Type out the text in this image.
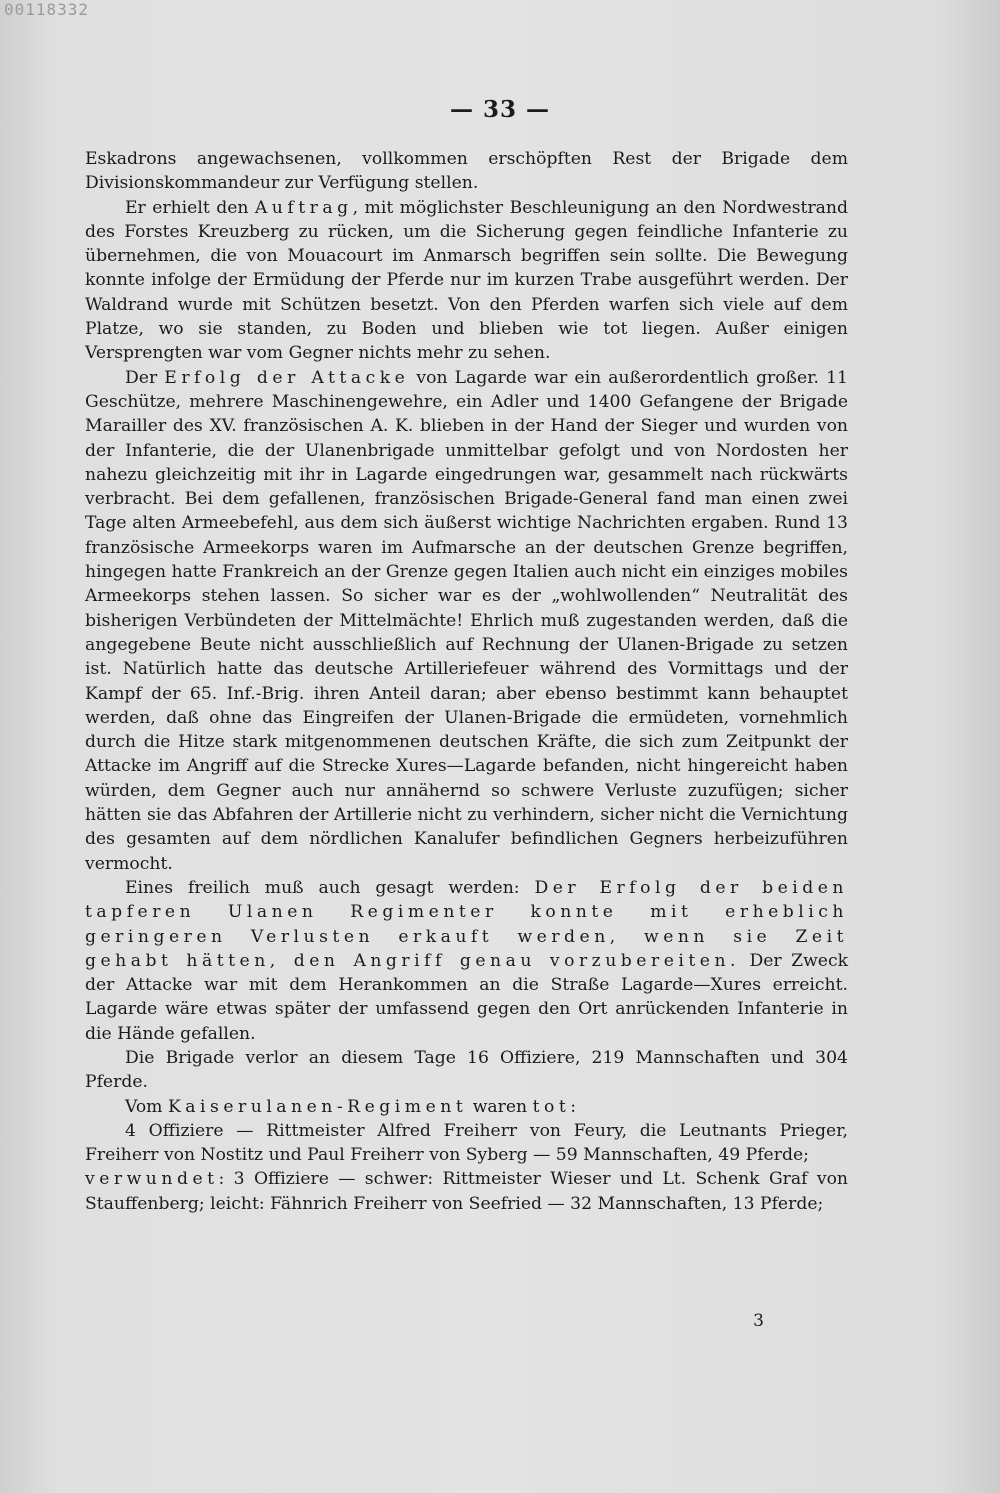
00118332
— 33 —

Eskadrons angewachsenen, vollkommen erschöpften Rest der Brigade dem Divisionskommandeur zur Verfügung stellen.

Er erhielt den Auftrag, mit möglichster Beschleunigung an den Nordwestrand des Forstes Kreuzberg zu rücken, um die Sicherung gegen feindliche Infanterie zu übernehmen, die von Mouacourt im Anmarsch begriffen sein sollte. Die Bewegung konnte infolge der Ermüdung der Pferde nur im kurzen Trabe ausgeführt werden. Der Waldrand wurde mit Schützen besetzt. Von den Pferden warfen sich viele auf dem Platze, wo sie standen, zu Boden und blieben wie tot liegen. Außer einigen Versprengten war vom Gegner nichts mehr zu sehen.

Der Erfolg der Attacke von Lagarde war ein außerordentlich großer. 11 Geschütze, mehrere Maschinengewehre, ein Adler und 1400 Gefangene der Brigade Marailler des XV. französischen A. K. blieben in der Hand der Sieger und wurden von der Infanterie, die der Ulanenbrigade unmittelbar gefolgt und von Nordosten her nahezu gleichzeitig mit ihr in Lagarde eingedrungen war, gesammelt nach rückwärts verbracht. Bei dem gefallenen, französischen Brigade-General fand man einen zwei Tage alten Armeebefehl, aus dem sich äußerst wichtige Nachrichten ergaben. Rund 13 französische Armeekorps waren im Aufmarsche an der deutschen Grenze begriffen, hingegen hatte Frankreich an der Grenze gegen Italien auch nicht ein einziges mobiles Armeekorps stehen lassen. So sicher war es der „wohlwollenden“ Neutralität des bisherigen Verbündeten der Mittelmächte! Ehrlich muß zugestanden werden, daß die angegebene Beute nicht ausschließlich auf Rechnung der Ulanen-Brigade zu setzen ist. Natürlich hatte das deutsche Artilleriefeuer während des Vormittags und der Kampf der 65. Inf.-Brig. ihren Anteil daran; aber ebenso bestimmt kann behauptet werden, daß ohne das Eingreifen der Ulanen-Brigade die ermüdeten, vornehmlich durch die Hitze stark mitgenommenen deutschen Kräfte, die sich zum Zeitpunkt der Attacke im Angriff auf die Strecke Xures—Lagarde befanden, nicht hingereicht haben würden, dem Gegner auch nur annähernd so schwere Verluste zuzufügen; sicher hätten sie das Abfahren der Artillerie nicht zu verhindern, sicher nicht die Vernichtung des gesamten auf dem nördlichen Kanalufer befindlichen Gegners herbeizuführen vermocht.

Eines freilich muß auch gesagt werden: Der Erfolg der beiden tapferen Ulanen Regimenter konnte mit erheblich geringeren Verlusten erkauft werden, wenn sie Zeit gehabt hätten, den Angriff genau vorzubereiten. Der Zweck der Attacke war mit dem Herankommen an die Straße Lagarde—Xures erreicht. Lagarde wäre etwas später der umfassend gegen den Ort anrückenden Infanterie in die Hände gefallen.

Die Brigade verlor an diesem Tage 16 Offiziere, 219 Mannschaften und 304 Pferde.

Vom Kaiserulanen-Regiment waren tot:

4 Offiziere — Rittmeister Alfred Freiherr von Feury, die Leutnants Prieger, Freiherr von Nostitz und Paul Freiherr von Syberg — 59 Mannschaften, 49 Pferde;

verwundet: 3 Offiziere — schwer: Rittmeister Wieser und Lt. Schenk Graf von Stauffenberg; leicht: Fähnrich Freiherr von Seefried — 32 Mannschaften, 13 Pferde;

3
